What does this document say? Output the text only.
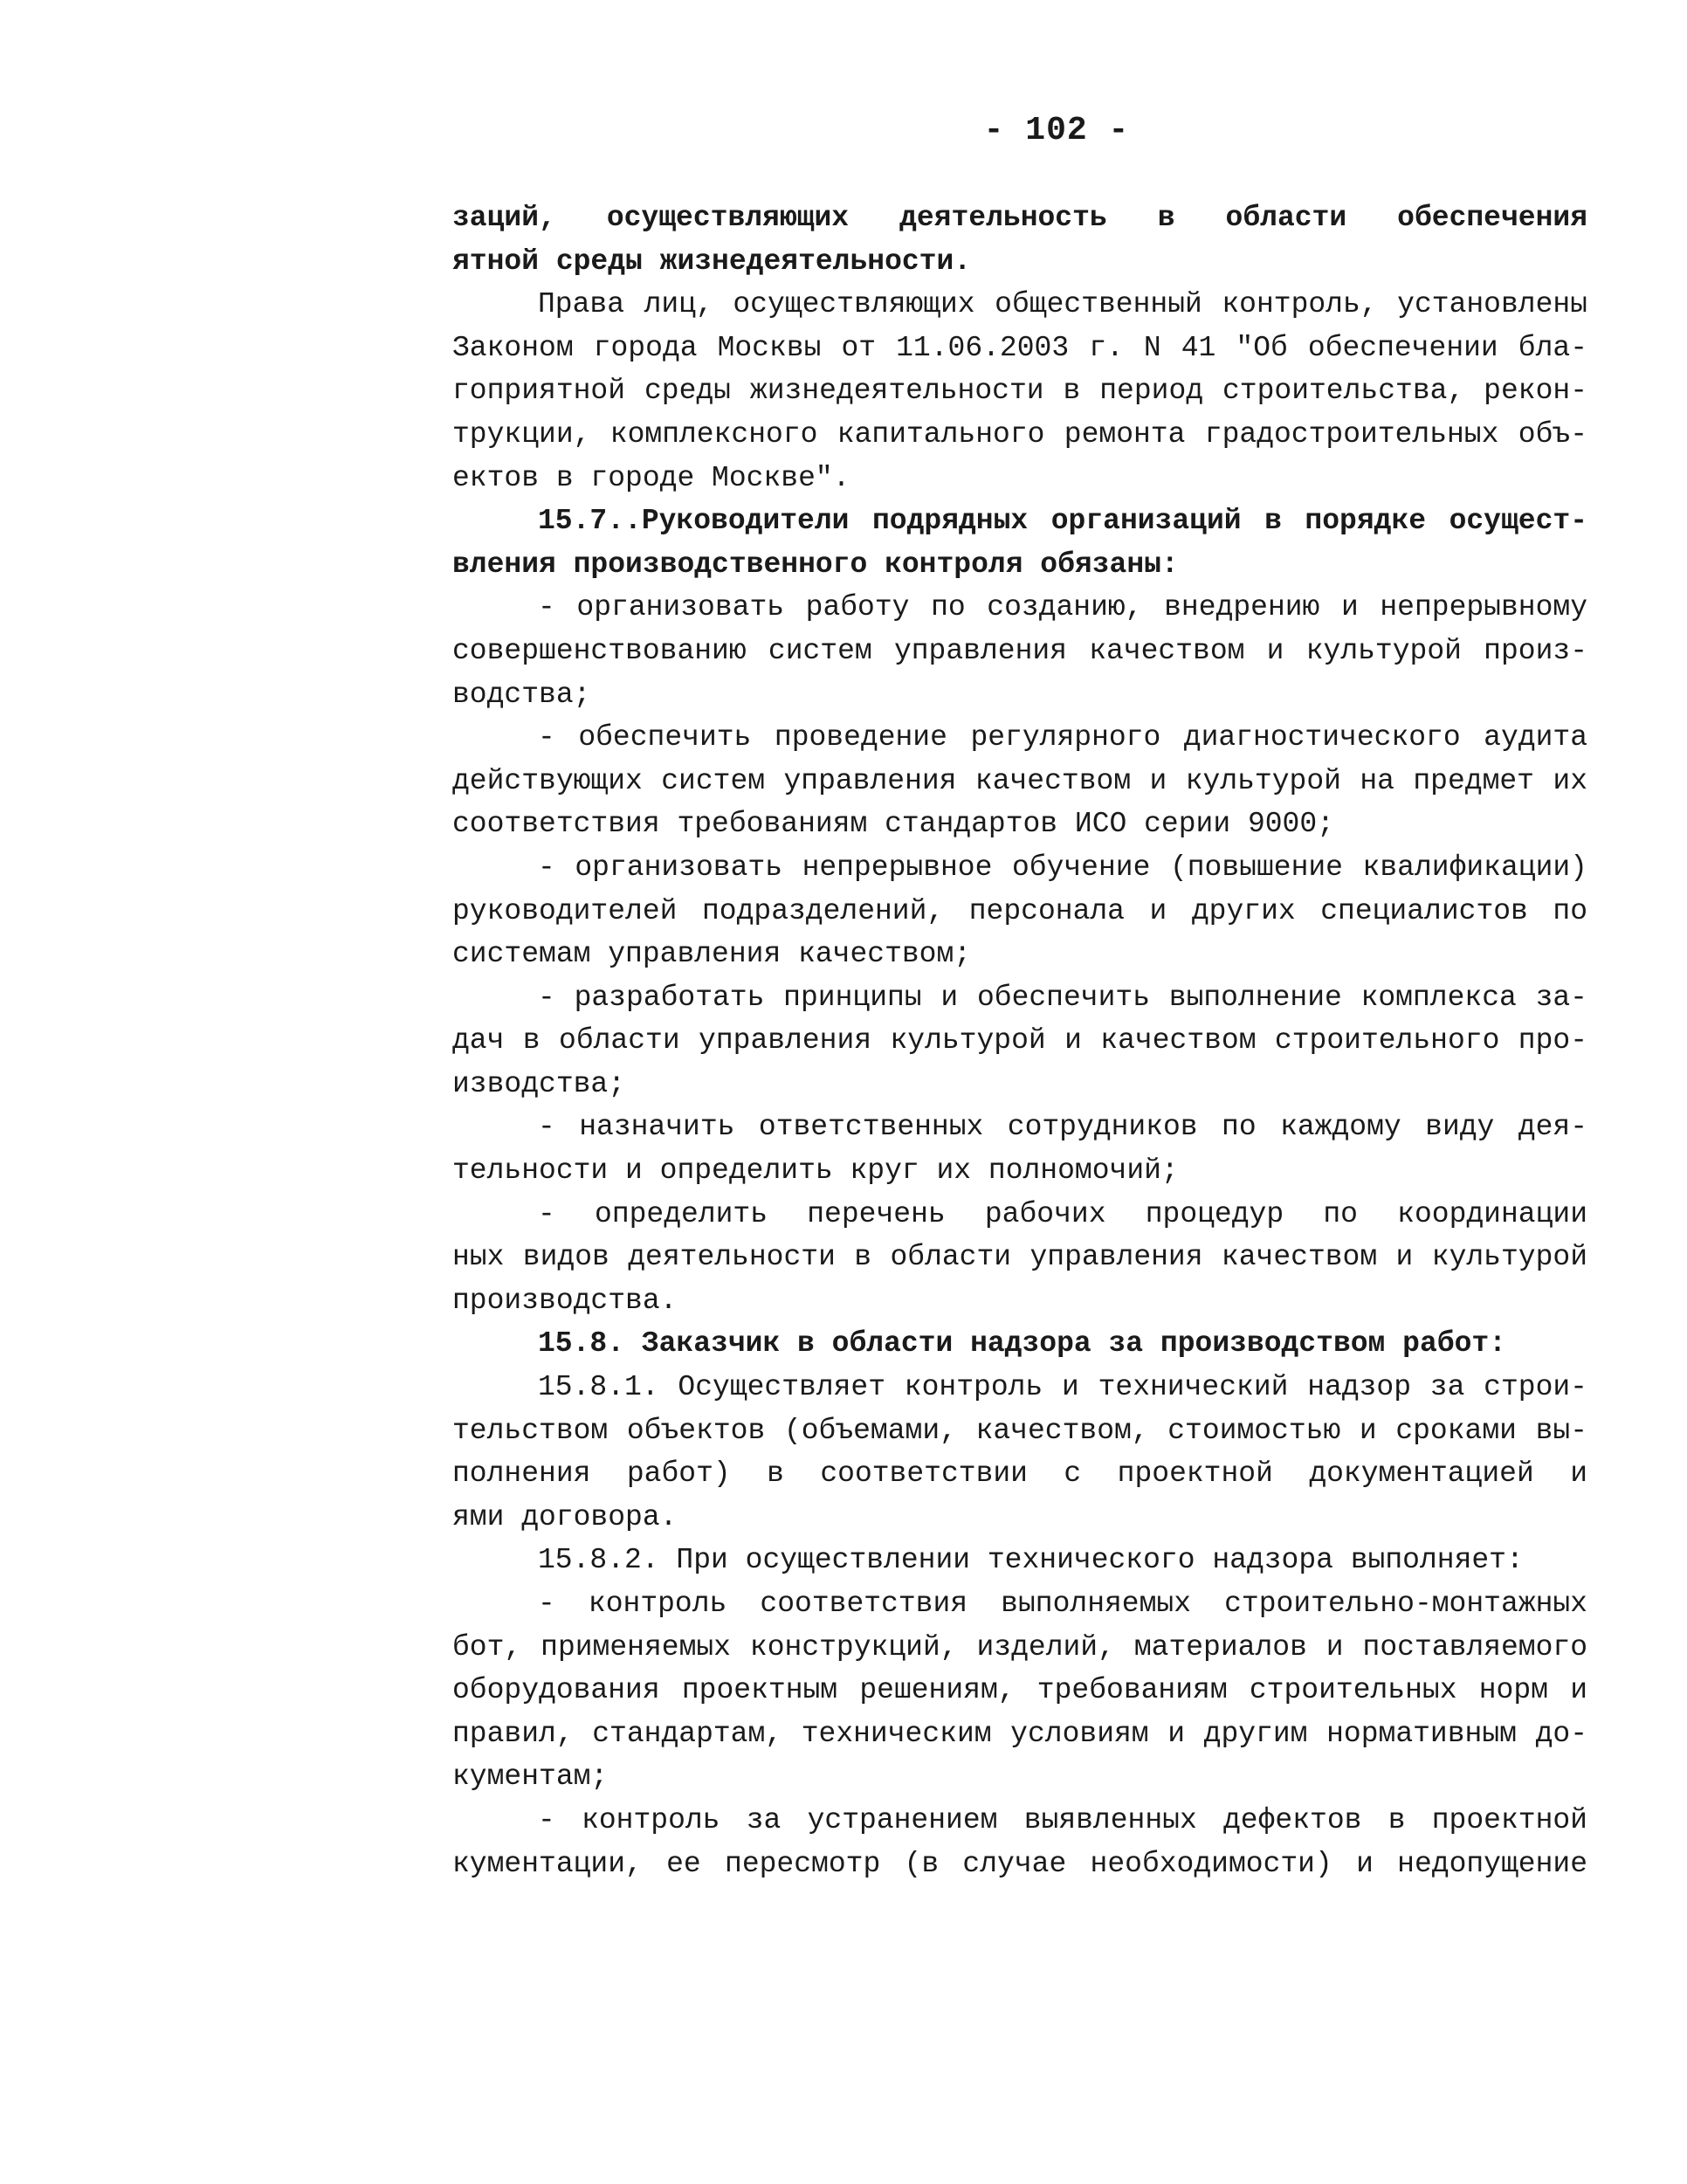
- 102 -
заций, осуществляющих деятельность в области обеспечения
ятной среды жизнедеятельности.
Права лиц, осуществляющих общественный контроль, установлены
Законом города Москвы от 11.06.2003 г. N 41 "Об обеспечении бла-
гоприятной среды жизнедеятельности в период строительства, рекон-
трукции, комплексного капитального ремонта градостроительных объ-
ектов в городе Москве".
15.7..Руководители подрядных организаций в порядке осущест-
вления производственного контроля обязаны:
- организовать работу по созданию, внедрению и непрерывному
совершенствованию систем управления качеством и культурой произ-
водства;
- обеспечить проведение регулярного диагностического аудита
действующих систем управления качеством и культурой на предмет их
соответствия требованиям стандартов ИСО серии 9000;
- организовать непрерывное обучение (повышение квалификации)
руководителей подразделений, персонала и других специалистов по
системам управления качеством;
- разработать принципы и обеспечить выполнение комплекса за-
дач в области управления культурой и качеством строительного про-
изводства;
- назначить ответственных сотрудников по каждому виду дея-
тельности и определить круг их полномочий;
- определить перечень рабочих процедур по координации
ных видов деятельности в области управления качеством и культурой
производства.
15.8. Заказчик в области надзора за производством работ:
15.8.1. Осуществляет контроль и технический надзор за строи-
тельством объектов (объемами, качеством, стоимостью и сроками вы-
полнения работ) в соответствии с проектной документацией и
ями договора.
15.8.2. При осуществлении технического надзора выполняет:
- контроль соответствия выполняемых строительно-монтажных
бот, применяемых конструкций, изделий, материалов и поставляемого
оборудования проектным решениям, требованиям строительных норм и
правил, стандартам, техническим условиям и другим нормативным до-
кументам;
- контроль за устранением выявленных дефектов в проектной
кументации, ее пересмотр (в случае необходимости) и недопущение
